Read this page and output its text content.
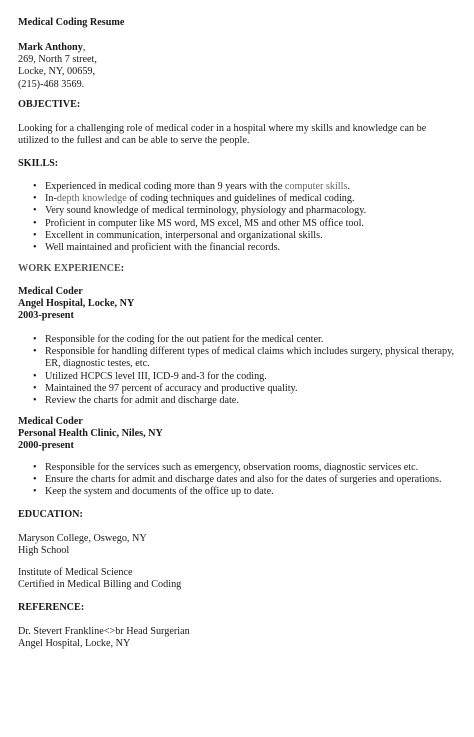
Medical Coding Resume
Mark Anthony,
269, North 7 street,
Locke, NY, 00659,
(215)-468 3569.
OBJECTIVE:

Looking for a challenging role of medical coder in a hospital where my skills and knowledge can be utilized to the fullest and can be able to serve the people.

SKILLS:
• Experienced in medical coding more than 9 years with the computer skills.
• In-depth knowledge of coding techniques and guidelines of medical coding.
• Very sound knowledge of medical terminology, physiology and pharmacology.
• Proficient in computer like MS word, MS excel, MS and other MS office tool.
• Excellent in communication, interpersonal and organizational skills.
• Well maintained and proficient with the financial records.
WORK EXPERIENCE:
Medical Coder
Angel Hospital, Locke, NY
2003-present
• Responsible for the coding for the out patient for the medical center.
• Responsible for handling different types of medical claims which includes surgery, physical therapy, ER, diagnostic testes, etc.
• Utilized HCPCS level III, ICD-9 and-3 for the coding.
• Maintained the 97 percent of accuracy and productive quality.
• Review the charts for admit and discharge date.
Medical Coder
Personal Health Clinic, Niles, NY
2000-present
• Responsible for the services such as emergency, observation rooms, diagnostic services etc.
• Ensure the charts for admit and discharge dates and also for the dates of surgeries and operations.
• Keep the system and documents of the office up to date.
EDUCATION:
Maryson College, Oswego, NY
High School
Institute of Medical Science
Certified in Medical Billing and Coding
REFERENCE:
Dr. Stevert Frankline<>br Head Surgerian
Angel Hospital, Locke, NY
